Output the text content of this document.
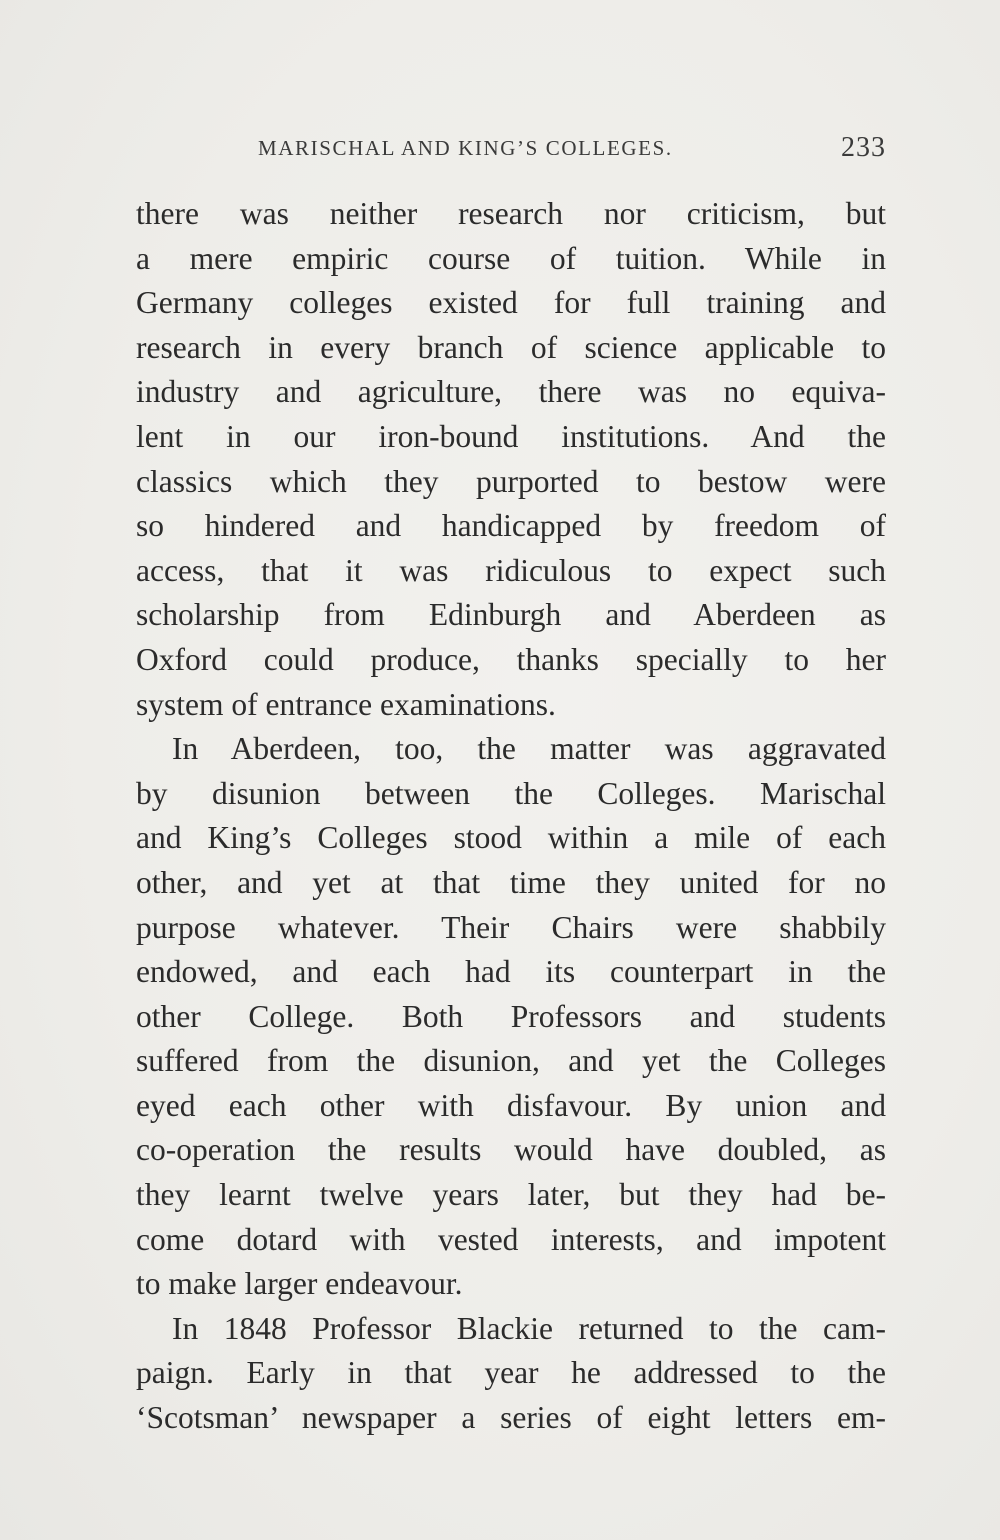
MARISCHAL AND KING’S COLLEGES.	233
there was neither research nor criticism, but
a mere empiric course of tuition. While in
Germany colleges existed for full training and
research in every branch of science applicable to
industry and agriculture, there was no equiva-
lent in our iron-bound institutions. And the
classics which they purported to bestow were
so hindered and handicapped by freedom of
access, that it was ridiculous to expect such
scholarship from Edinburgh and Aberdeen as
Oxford could produce, thanks specially to her
system of entrance examinations.
In Aberdeen, too, the matter was aggravated
by disunion between the Colleges. Marischal
and King’s Colleges stood within a mile of each
other, and yet at that time they united for no
purpose whatever. Their Chairs were shabbily
endowed, and each had its counterpart in the
other College. Both Professors and students
suffered from the disunion, and yet the Colleges
eyed each other with disfavour. By union and
co-operation the results would have doubled, as
they learnt twelve years later, but they had be-
come dotard with vested interests, and impotent
to make larger endeavour.
In 1848 Professor Blackie returned to the cam-
paign. Early in that year he addressed to the
‘Scotsman’ newspaper a series of eight letters em-
